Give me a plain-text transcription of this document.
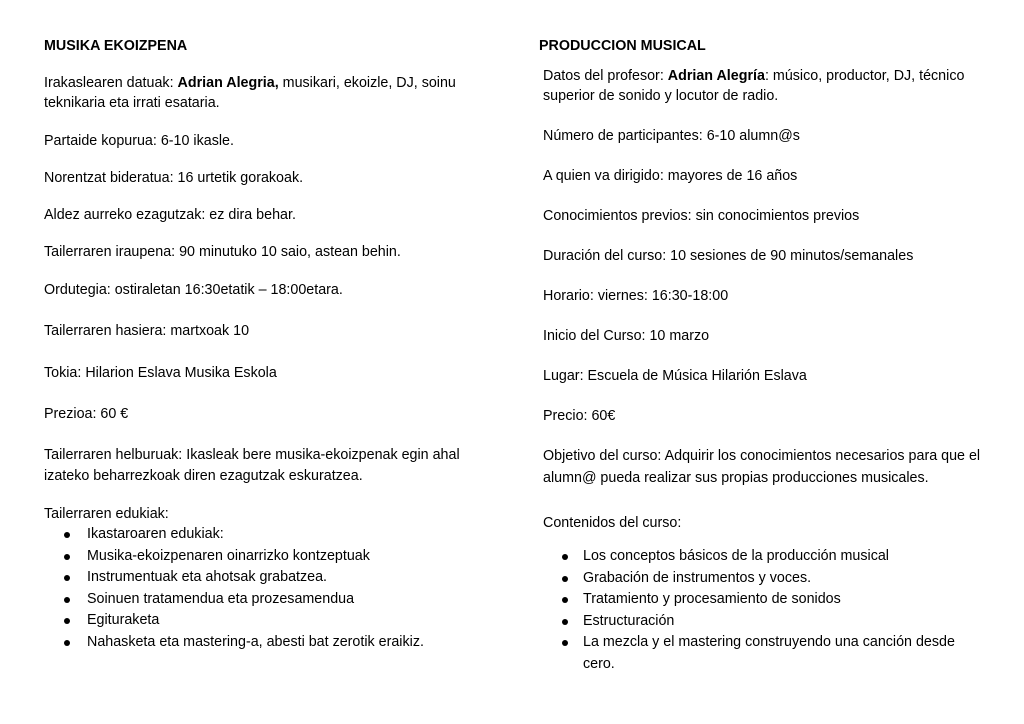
MUSIKA EKOIZPENA
Irakaslearen datuak: Adrian Alegria, musikari, ekoizle, DJ, soinu teknikaria eta irrati esataria.
Partaide kopurua: 6-10 ikasle.
Norentzat bideratua: 16 urtetik gorakoak.
Aldez aurreko ezagutzak: ez dira behar.
Tailerraren iraupena: 90 minutuko 10 saio, astean behin.
Ordutegia: ostiraletan 16:30etatik – 18:00etara.
Tailerraren hasiera: martxoak 10
Tokia: Hilarion Eslava Musika Eskola
Prezioa: 60 €
Tailerraren helburuak: Ikasleak bere musika-ekoizpenak egin ahal izateko beharrezkoak diren ezagutzak eskuratzea.
Tailerraren edukiak:
Ikastaroaren edukiak:
Musika-ekoizpenaren oinarrizko kontzeptuak
Instrumentuak eta ahotsak grabatzea.
Soinuen tratamendua eta prozesamendua
Egituraketa
Nahasketa eta mastering-a, abesti bat zerotik eraikiz.
PRODUCCION MUSICAL
Datos del profesor: Adrian Alegría: músico, productor, DJ, técnico superior de sonido y locutor de radio.
Número de participantes: 6-10 alumn@s
A quien va dirigido: mayores de 16 años
Conocimientos previos: sin conocimientos previos
Duración del curso: 10 sesiones de 90 minutos/semanales
Horario: viernes: 16:30-18:00
Inicio del Curso: 10 marzo
Lugar: Escuela de Música Hilarión Eslava
Precio: 60€
Objetivo del curso: Adquirir los conocimientos necesarios para que el alumn@ pueda realizar sus propias producciones musicales.
Contenidos del curso:
Los conceptos básicos de la producción musical
Grabación de instrumentos y voces.
Tratamiento y procesamiento de sonidos
Estructuración
La mezcla y el mastering construyendo una canción desde cero.
